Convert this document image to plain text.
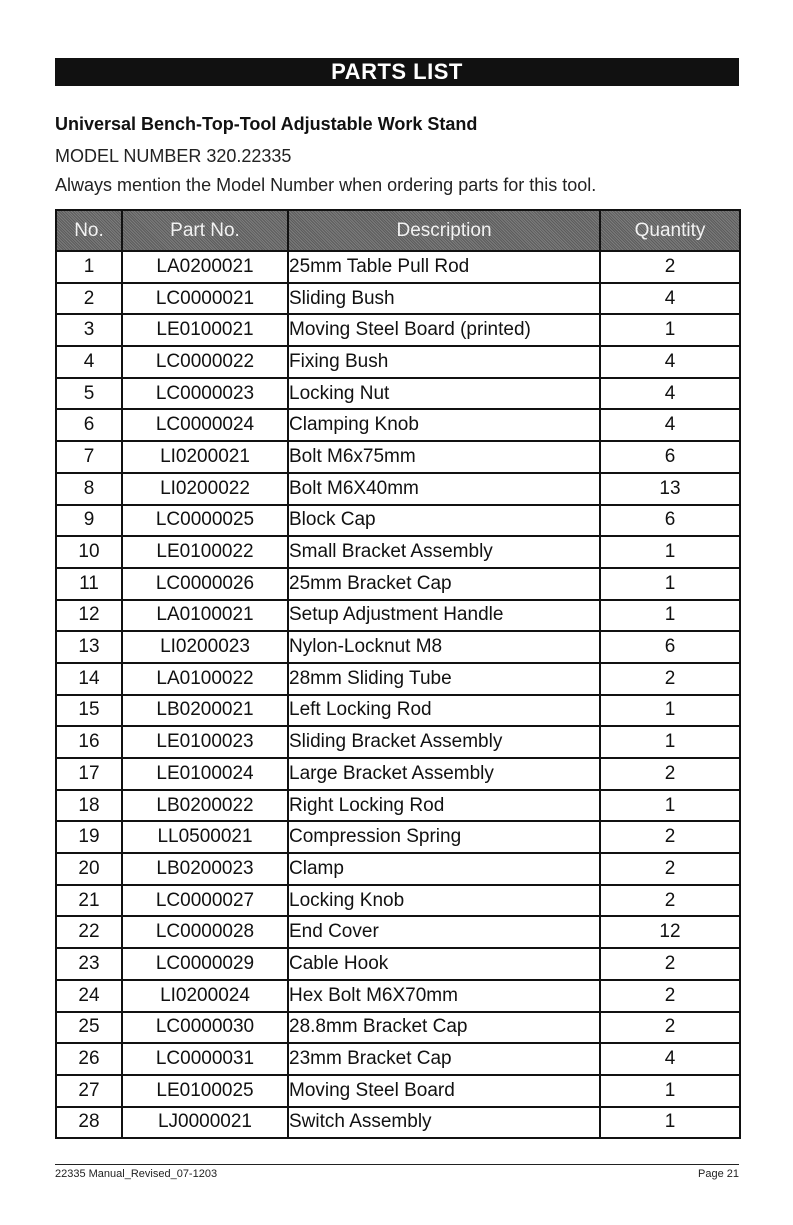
PARTS LIST
Universal Bench-Top-Tool Adjustable Work Stand
MODEL NUMBER 320.22335
Always mention the Model Number when ordering parts for this tool.
No.	Part No.	Description	Quantity
1	LA0200021	25mm Table Pull Rod	2
2	LC0000021	Sliding Bush	4
3	LE0100021	Moving Steel Board (printed)	1
4	LC0000022	Fixing Bush	4
5	LC0000023	Locking Nut	4
6	LC0000024	Clamping Knob	4
7	LI0200021	Bolt M6x75mm	6
8	LI0200022	Bolt M6X40mm	13
9	LC0000025	Block Cap	6
10	LE0100022	Small Bracket Assembly	1
11	LC0000026	25mm Bracket Cap	1
12	LA0100021	Setup Adjustment Handle	1
13	LI0200023	Nylon-Locknut M8	6
14	LA0100022	28mm Sliding Tube	2
15	LB0200021	Left Locking Rod	1
16	LE0100023	Sliding Bracket Assembly	1
17	LE0100024	Large Bracket Assembly	2
18	LB0200022	Right Locking Rod	1
19	LL0500021	Compression Spring	2
20	LB0200023	Clamp	2
21	LC0000027	Locking Knob	2
22	LC0000028	End Cover	12
23	LC0000029	Cable Hook	2
24	LI0200024	Hex Bolt M6X70mm	2
25	LC0000030	28.8mm Bracket Cap	2
26	LC0000031	23mm Bracket Cap	4
27	LE0100025	Moving Steel Board	1
28	LJ0000021	Switch Assembly	1
22335 Manual_Revised_07-1203	Page 21
